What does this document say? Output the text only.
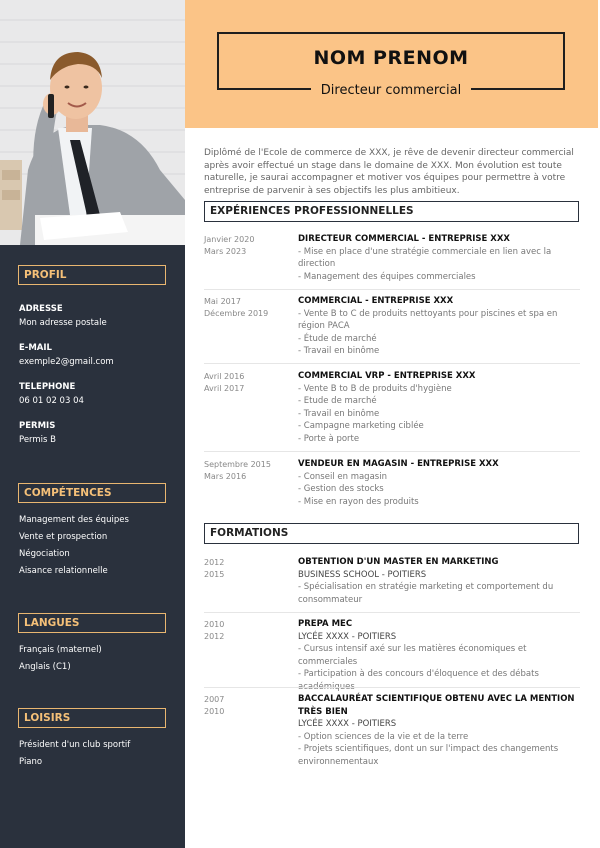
NOM PRENOM
Directeur commercial
Diplômé de l'Ecole de commerce de XXX, je rêve de devenir directeur commercial après avoir effectué un stage dans le domaine de XXX. Mon évolution est toute naturelle, je saurai accompagner et motiver vos équipes pour permettre à votre entreprise de parvenir à ses objectifs les plus ambitieux.
PROFIL
ADRESSE
Mon adresse postale
E-MAIL
exemple2@gmail.com
TELEPHONE
06 01 02 03 04
PERMIS
Permis B
COMPÉTENCES
Management des équipes
Vente et prospection
Négociation
Aisance relationnelle
LANGUES
Français (maternel)
Anglais (C1)
LOISIRS
Président d'un club sportif
Piano
EXPÉRIENCES PROFESSIONNELLES
Janvier 2020
Mars 2023
DIRECTEUR COMMERCIAL - ENTREPRISE XXX
- Mise en place d'une stratégie commerciale en lien avec la direction
- Management des équipes commerciales
Mai 2017
Décembre 2019
COMMERCIAL - ENTREPRISE XXX
- Vente B to C de produits nettoyants pour piscines et spa en région PACA
- Étude de marché
- Travail en binôme
Avril 2016
Avril 2017
COMMERCIAL VRP - ENTREPRISE XXX
- Vente B to B de produits d'hygiène
- Etude de marché
- Travail en binôme
- Campagne marketing ciblée
- Porte à porte
Septembre 2015
Mars 2016
VENDEUR EN MAGASIN - ENTREPRISE XXX
- Conseil en magasin
- Gestion des stocks
- Mise en rayon des produits
FORMATIONS
2012
2015
OBTENTION D'UN MASTER EN MARKETING
BUSINESS SCHOOL - POITIERS
- Spécialisation en stratégie marketing et comportement du consommateur
2010
2012
PREPA MEC
LYCÉE XXXX - POITIERS
- Cursus intensif axé sur les matières économiques et commerciales
- Participation à des concours d'éloquence et des débats académiques
2007
2010
BACCALAURÉAT SCIENTIFIQUE OBTENU AVEC LA MENTION TRÈS BIEN
LYCÉE XXXX - POITIERS
- Option sciences de la vie et de la terre
- Projets scientifiques, dont un sur l'impact des changements environnementaux
